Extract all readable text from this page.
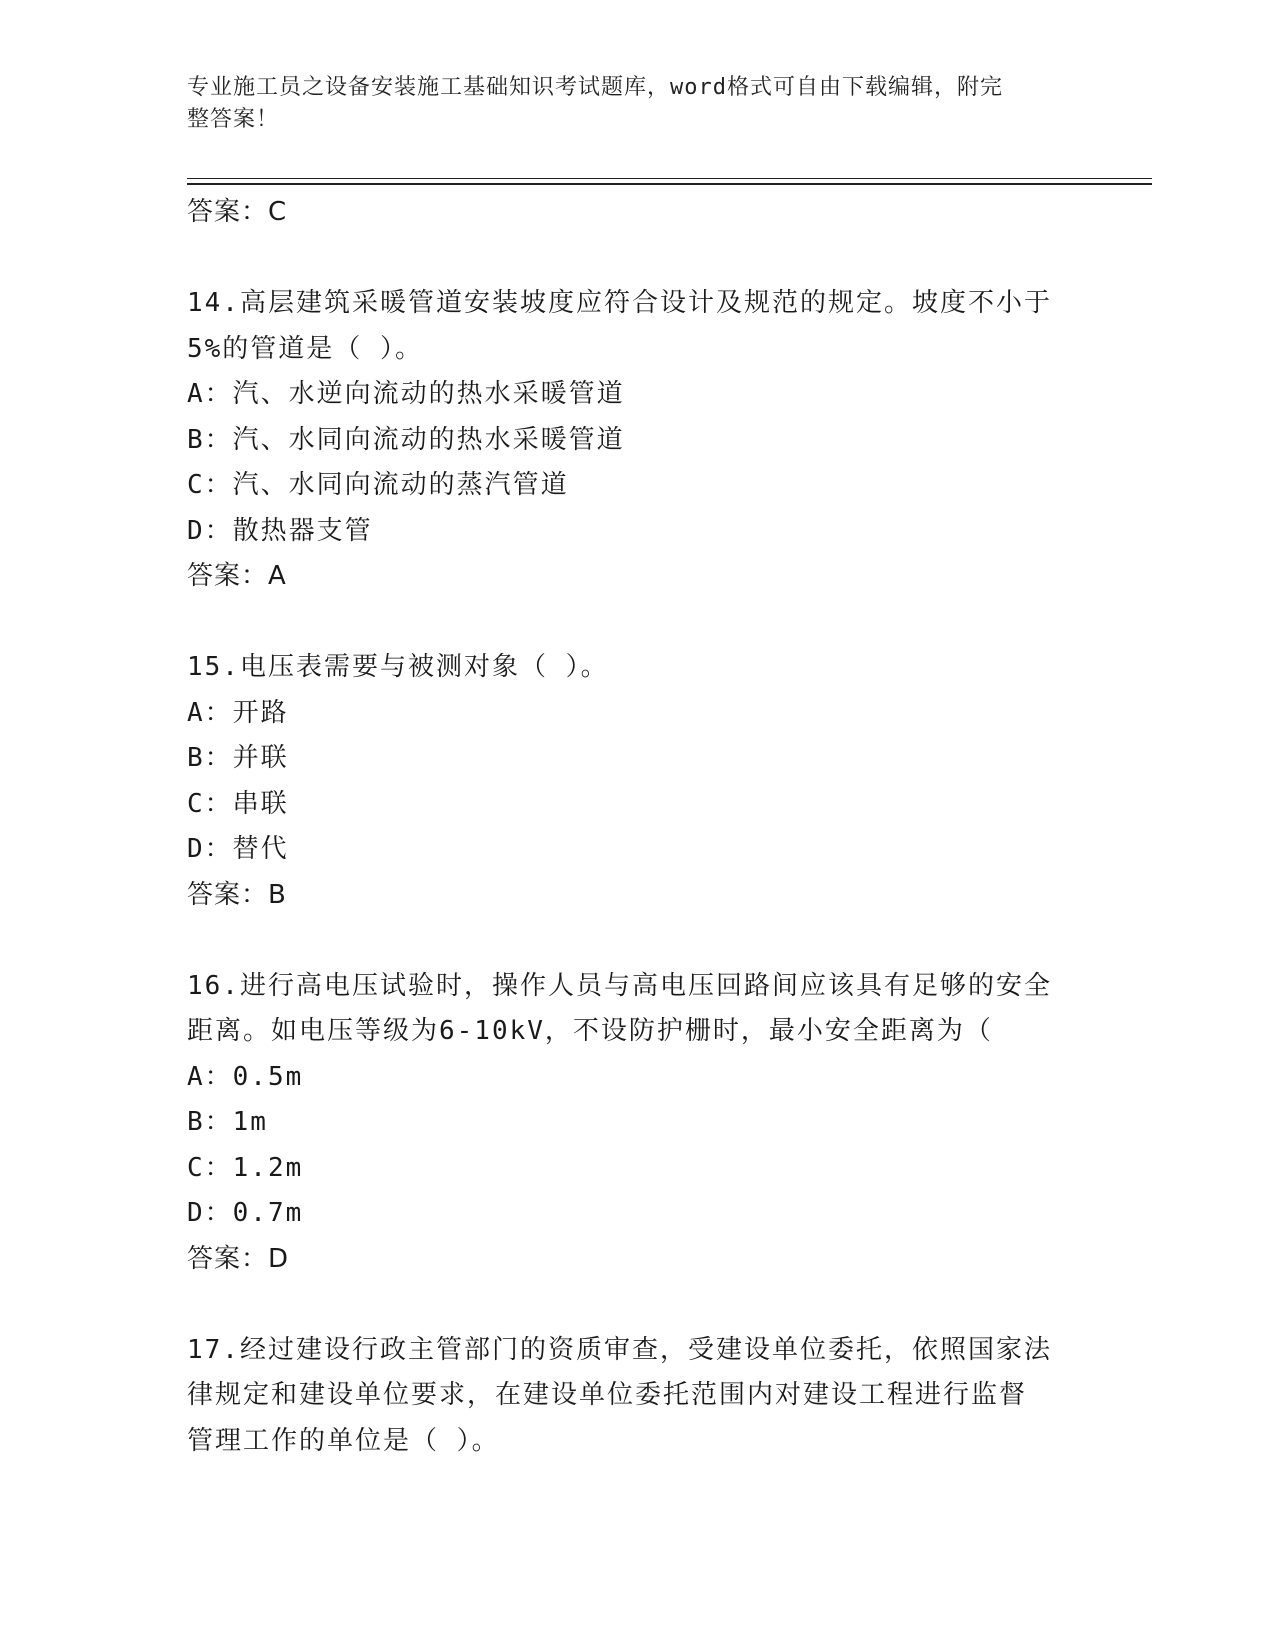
专业施工员之设备安装施工基础知识考试题库，word格式可自由下载编辑，附完
整答案！
答案：C
14.高层建筑采暖管道安装坡度应符合设计及规范的规定。坡度不小于
5%的管道是（ ）。
A：汽、水逆向流动的热水采暖管道
B：汽、水同向流动的热水采暖管道
C：汽、水同向流动的蒸汽管道
D：散热器支管
答案：A
15.电压表需要与被测对象（ ）。
A：开路
B：并联
C：串联
D：替代
答案：B
16.进行高电压试验时，操作人员与高电压回路间应该具有足够的安全
距离。如电压等级为6-10kV，不设防护栅时，最小安全距离为（
A：0.5m
B：1m
C：1.2m
D：0.7m
答案：D
17.经过建设行政主管部门的资质审查，受建设单位委托，依照国家法
律规定和建设单位要求，在建设单位委托范围内对建设工程进行监督
管理工作的单位是（ ）。
